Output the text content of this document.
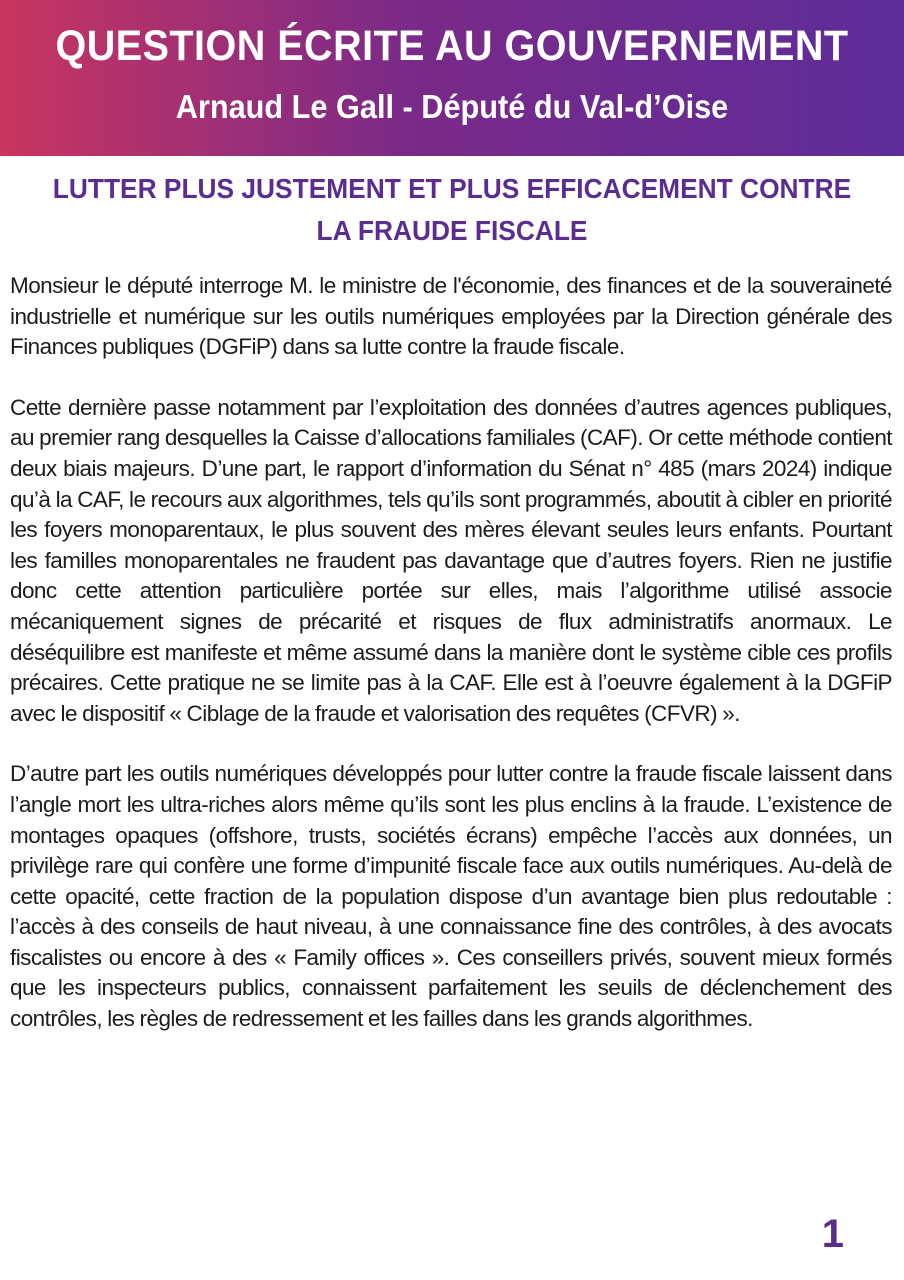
QUESTION ÉCRITE AU GOUVERNEMENT
Arnaud Le Gall - Député du Val-d’Oise
LUTTER PLUS JUSTEMENT ET PLUS EFFICACEMENT CONTRE LA FRAUDE FISCALE

Monsieur le député interroge M. le ministre de l'économie, des finances et de la souveraineté industrielle et numérique sur les outils numériques employées par la Direction générale des Finances publiques (DGFiP) dans sa lutte contre la fraude fiscale.

Cette dernière passe notamment par l’exploitation des données d’autres agences publiques, au premier rang desquelles la Caisse d’allocations familiales (CAF). Or cette méthode contient deux biais majeurs. D’une part, le rapport d’information du Sénat n° 485 (mars 2024) indique qu’à la CAF, le recours aux algorithmes, tels qu’ils sont programmés, aboutit à cibler en priorité les foyers monoparentaux, le plus souvent des mères élevant seules leurs enfants. Pourtant les familles monoparentales ne fraudent pas davantage que d’autres foyers. Rien ne justifie donc cette attention particulière portée sur elles, mais l’algorithme utilisé associe mécaniquement signes de précarité et risques de flux administratifs anormaux. Le déséquilibre est manifeste et même assumé dans la manière dont le système cible ces profils précaires. Cette pratique ne se limite pas à la CAF. Elle est à l’oeuvre également à la DGFiP avec le dispositif « Ciblage de la fraude et valorisation des requêtes (CFVR) ».

D’autre part les outils numériques développés pour lutter contre la fraude fiscale laissent dans l’angle mort les ultra-riches alors même qu’ils sont les plus enclins à la fraude. L’existence de montages opaques (offshore, trusts, sociétés écrans) empêche l’accès aux données, un privilège rare qui confère une forme d’impunité fiscale face aux outils numériques. Au-delà de cette opacité, cette fraction de la population dispose d’un avantage bien plus redoutable : l’accès à des conseils de haut niveau, à une connaissance fine des contrôles, à des avocats fiscalistes ou encore à des « Family offices ». Ces conseillers privés, souvent mieux formés que les inspecteurs publics, connaissent parfaitement les seuils de déclenchement des contrôles, les règles de redressement et les failles dans les grands algorithmes.

1
